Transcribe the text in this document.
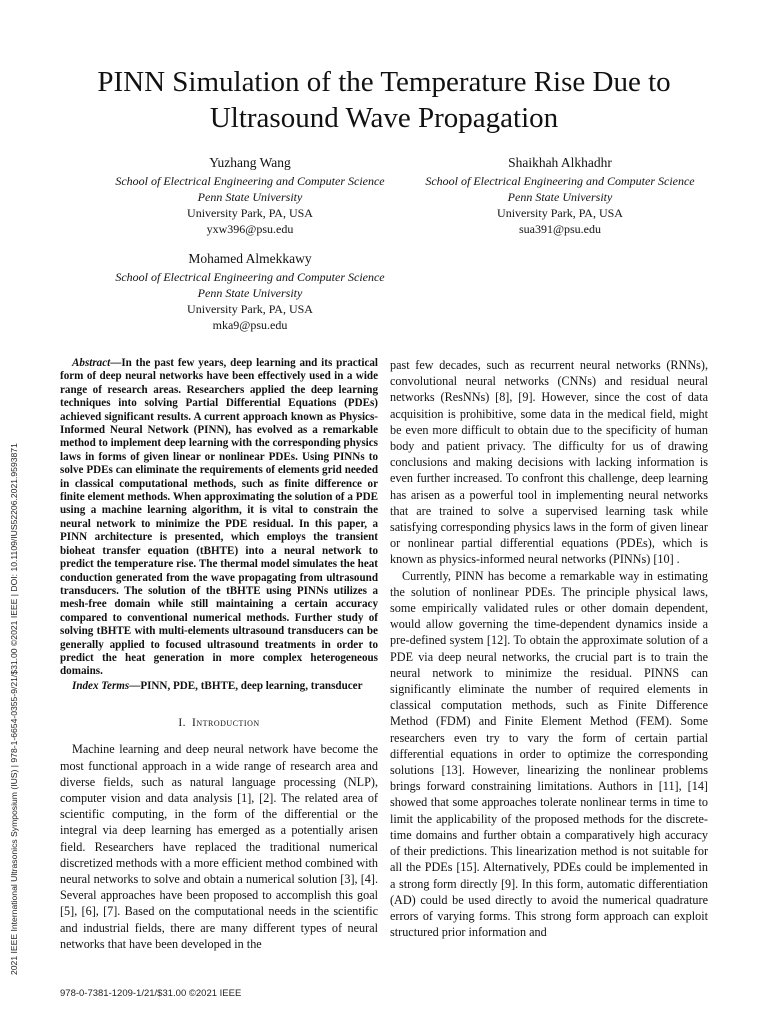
PINN Simulation of the Temperature Rise Due to Ultrasound Wave Propagation
Yuzhang Wang
School of Electrical Engineering and Computer Science
Penn State University
University Park, PA, USA
yxw396@psu.edu
Shaikhah Alkhadhr
School of Electrical Engineering and Computer Science
Penn State University
University Park, PA, USA
sua391@psu.edu
Mohamed Almekkawy
School of Electrical Engineering and Computer Science
Penn State University
University Park, PA, USA
mka9@psu.edu
2021 IEEE International Ultrasonics Symposium (IUS) | 978-1-6654-0355-9/21/$31.00 ©2021 IEEE | DOI: 10.1109/IUS52206.2021.9593871

Abstract—In the past few years, deep learning and its practical form of deep neural networks have been effectively used in a wide range of research areas. Researchers applied the deep learning techniques into solving Partial Differential Equations (PDEs) achieved significant results. A current approach known as Physics-Informed Neural Network (PINN), has evolved as a remarkable method to implement deep learning with the corresponding physics laws in forms of given linear or nonlinear PDEs. Using PINNs to solve PDEs can eliminate the requirements of elements grid needed in classical computational methods, such as finite difference or finite element methods. When approximating the solution of a PDE using a machine learning algorithm, it is vital to constrain the neural network to minimize the PDE residual. In this paper, a PINN architecture is presented, which employs the transient bioheat transfer equation (tBHTE) into a neural network to predict the temperature rise. The thermal model simulates the heat conduction generated from the wave propagating from ultrasound transducers. The solution of the tBHTE using PINNs utilizes a mesh-free domain while still maintaining a certain accuracy compared to conventional numerical methods. Further study of solving tBHTE with multi-elements ultrasound transducers can be generally applied to focused ultrasound treatments in order to predict the heat generation in more complex heterogeneous domains.

Index Terms—PINN, PDE, tBHTE, deep learning, transducer

I. Introduction

Machine learning and deep neural network have become the most functional approach in a wide range of research area and diverse fields, such as natural language processing (NLP), computer vision and data analysis [1], [2]. The related area of scientific computing, in the form of the differential or the integral via deep learning has emerged as a potentially arisen field. Researchers have replaced the traditional numerical discretized methods with a more efficient method combined with neural networks to solve and obtain a numerical solution [3], [4]. Several approaches have been proposed to accomplish this goal [5], [6], [7]. Based on the computational needs in the scientific and industrial fields, there are many different types of neural networks that have been developed in the

past few decades, such as recurrent neural networks (RNNs), convolutional neural networks (CNNs) and residual neural networks (ResNNs) [8], [9]. However, since the cost of data acquisition is prohibitive, some data in the medical field, might be even more difficult to obtain due to the specificity of human body and patient privacy. The difficulty for us of drawing conclusions and making decisions with lacking information is even further increased. To confront this challenge, deep learning has arisen as a powerful tool in implementing neural networks that are trained to solve a supervised learning task while satisfying corresponding physics laws in the form of given linear or nonlinear partial differential equations (PDEs), which is known as physics-informed neural networks (PINNs) [10] .

Currently, PINN has become a remarkable way in estimating the solution of nonlinear PDEs. The principle physical laws, some empirically validated rules or other domain dependent, would allow governing the time-dependent dynamics inside a pre-defined system [12]. To obtain the approximate solution of a PDE via deep neural networks, the crucial part is to train the neural network to minimize the residual. PINNS can significantly eliminate the number of required elements in classical computation methods, such as Finite Difference Method (FDM) and Finite Element Method (FEM). Some researchers even try to vary the form of certain partial differential equations in order to optimize the corresponding solutions [13]. However, linearizing the nonlinear problems brings forward constraining limitations. Authors in [11], [14] showed that some approaches tolerate nonlinear terms in time to limit the applicability of the proposed methods for the discrete-time domains and further obtain a comparatively high accuracy of their predictions. This linearization method is not suitable for all the PDEs [15]. Alternatively, PDEs could be implemented in a strong form directly [9]. In this form, automatic differentiation (AD) could be used directly to avoid the numerical quadrature errors of varying forms. This strong form approach can exploit structured prior information and

978-0-7381-1209-1/21/$31.00 ©2021 IEEE
